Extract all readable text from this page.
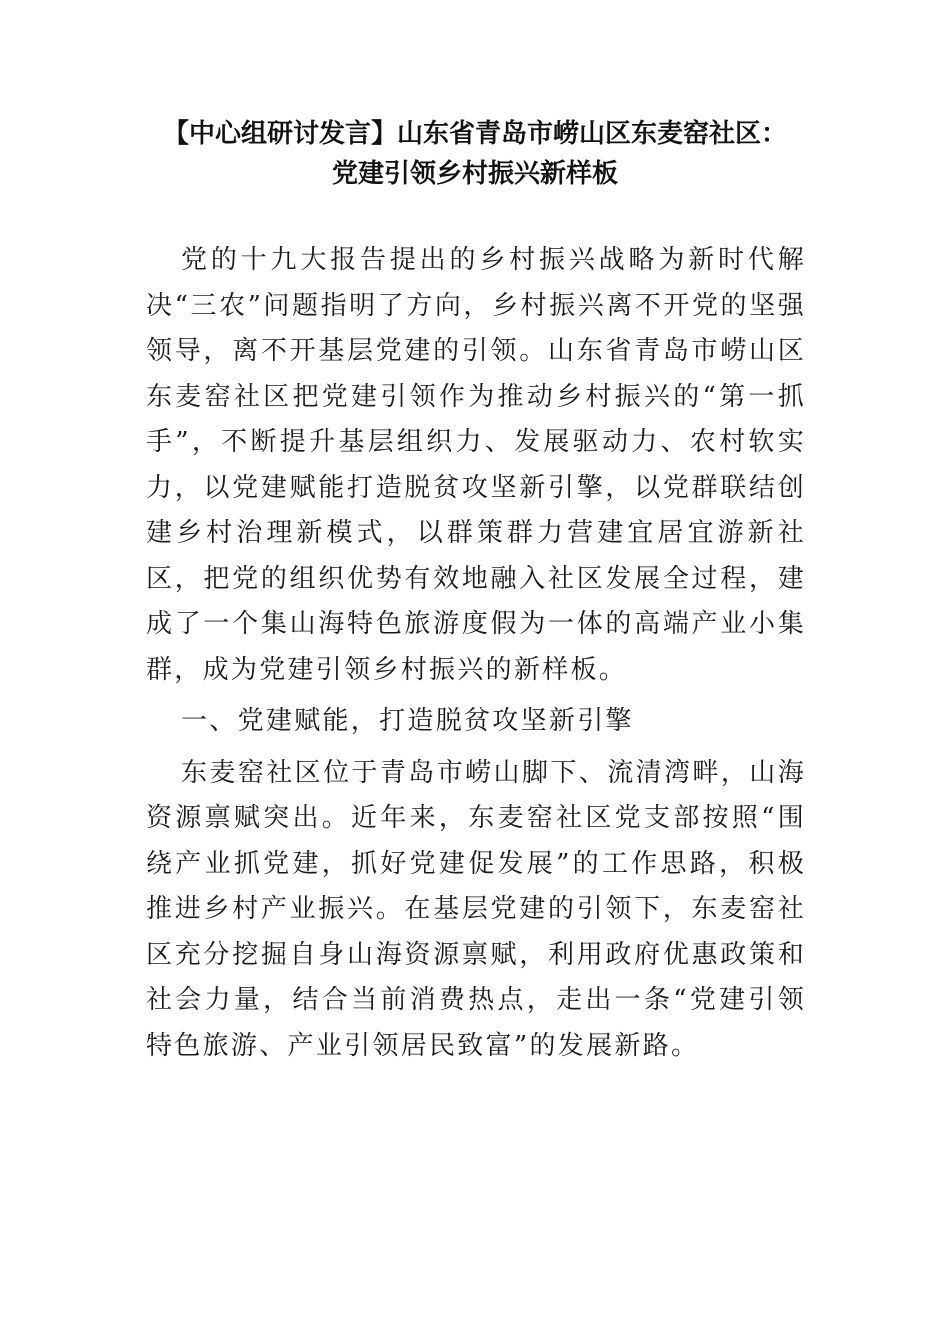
【中心组研讨发言】山东省青岛市崂山区东麦窑社区：
党建引领乡村振兴新样板

党的十九大报告提出的乡村振兴战略为新时代解决“三农”问题指明了方向，乡村振兴离不开党的坚强领导，离不开基层党建的引领。山东省青岛市崂山区东麦窑社区把党建引领作为推动乡村振兴的“第一抓手”，不断提升基层组织力、发展驱动力、农村软实力，以党建赋能打造脱贫攻坚新引擎，以党群联结创建乡村治理新模式，以群策群力营建宜居宜游新社区，把党的组织优势有效地融入社区发展全过程，建成了一个集山海特色旅游度假为一体的高端产业小集群，成为党建引领乡村振兴的新样板。

一、党建赋能，打造脱贫攻坚新引擎

东麦窑社区位于青岛市崂山脚下、流清湾畔，山海资源禀赋突出。近年来，东麦窑社区党支部按照“围绕产业抓党建，抓好党建促发展”的工作思路，积极推进乡村产业振兴。在基层党建的引领下，东麦窑社区充分挖掘自身山海资源禀赋，利用政府优惠政策和社会力量，结合当前消费热点，走出一条“党建引领特色旅游、产业引领居民致富”的发展新路。
